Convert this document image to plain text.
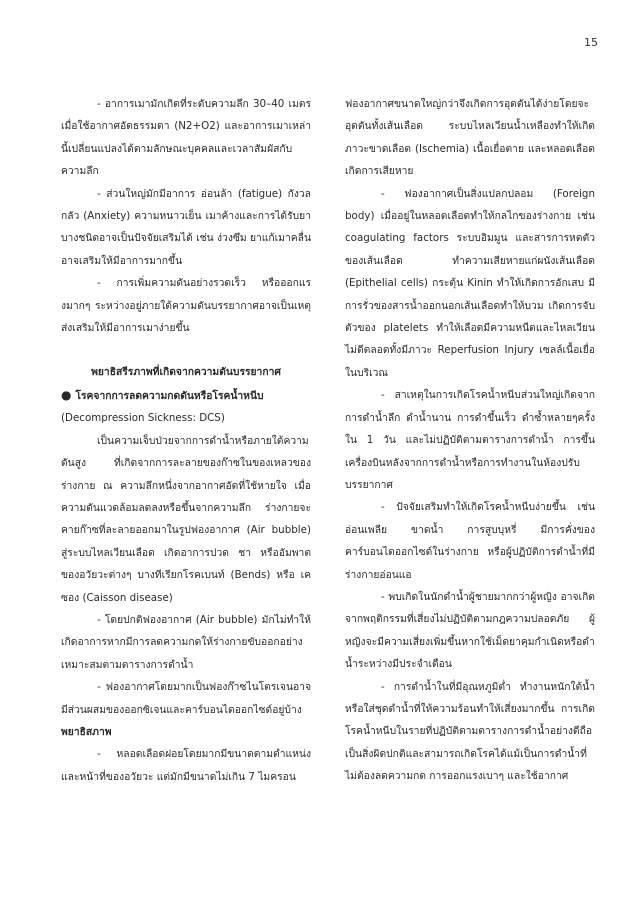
15

- อาการเมามักเกิดที่ระดับความลึก 30–40 เมตร เมื่อใช้อากาศอัดธรรมดา (N2+O2) และอาการเมาเหล่านี้เปลี่ยนแปลงได้ตามลักษณะบุคคลและเวลาสัมผัสกับความลึก

- ส่วนใหญ่มักมีอาการ อ่อนล้า (fatigue) กังวลกลัว (Anxiety) ความหนาวเย็น เมาค้างและการได้รับยาบางชนิดอาจเป็นปัจจัยเสริมได้ เช่น ง่วงซึม ยาแก้เมาคลื่นอาจเสริมให้มีอาการมากขึ้น

- การเพิ่มความดันอย่างรวดเร็ว หรือออกแรงมากๆ ระหว่างอยู่ภายใต้ความดันบรรยากาศอาจเป็นเหตุส่งเสริมให้มีอาการเมาง่ายขึ้น

พยาธิสรีรภาพที่เกิดจากความดันบรรยากาศ

● โรคจากการลดความกดดันหรือโรคน้ำหนีบ

(Decompression Sickness: DCS)

เป็นความเจ็บป่วยจากการดำน้ำหรือภายใต้ความดันสูง ที่เกิดจากการละลายของก๊าซในของเหลวของร่างกาย ณ ความลึกหนึ่งจากอากาศอัดที่ใช้หายใจ เมื่อความดันแวดล้อมลดลงหรือขึ้นจากความลึก ร่างกายจะคายก๊าซที่ละลายออกมาในรูปฟองอากาศ (Air bubble) สู่ระบบไหลเวียนเลือด เกิดอาการปวด ชา หรืออัมพาตของอวัยวะต่างๆ บางทีเรียกโรคเบนท์ (Bends) หรือ เคซอง (Caisson disease)

- โดยปกติฟองอากาศ (Air bubble) มักไม่ทำให้เกิดอาการหากมีการลดความกดให้ร่างกายขับออกอย่างเหมาะสมตามตารางการดำน้ำ

- ฟองอากาศโดยมากเป็นฟองก๊าซไนโตรเจนอาจมีส่วนผสมของออกซิเจนและคาร์บอนไดออกไซด์อยู่บ้าง

พยาธิสภาพ

- หลอดเลือดฝอยโดยมากมีขนาดตามตำแหน่งและหน้าที่ของอวัยวะ แต่มักมีขนาดไม่เกิน 7 ไมครอน

ฟองอากาศขนาดใหญ่กว่าจึงเกิดการอุดตันได้ง่ายโดยจะอุดตันทั้งเส้นเลือด ระบบไหลเวียนน้ำเหลืองทำให้เกิดภาวะขาดเลือด (Ischemia) เนื้อเยื่อตาย และหลอดเลือดเกิดการเสียหาย

- ฟองอากาศเป็นสิ่งแปลกปลอม (Foreign body) เมื่ออยู่ในหลอดเลือดทำให้กลไกของร่างกาย เช่น coagulating factors ระบบอิมมูน และสารการหดตัวของเส้นเลือด ทำความเสียหายแก่ผนังเส้นเลือด (Epithelial cells) กระตุ้น Kinin ทำให้เกิดการอักเสบ มีการรั่วของสารน้ำออกนอกเส้นเลือดทำให้บวม เกิดการจับตัวของ platelets ทำให้เลือดมีความหนืดและไหลเวียนไม่ดีตลอดทั้งมีภาวะ Reperfusion Injury เซลล์เนื้อเยื่อในบริเวณ

- สาเหตุในการเกิดโรคน้ำหนีบส่วนใหญ่เกิดจากการดำน้ำลึก ดำน้ำนาน การดำขึ้นเร็ว ดำซ้ำหลายๆครั้งใน 1 วัน และไม่ปฏิบัติตามตารางการดำน้ำ การขึ้นเครื่องบินหลังจากการดำน้ำหรือการทำงานในห้องปรับบรรยากาศ

- ปัจจัยเสริมทำให้เกิดโรคน้ำหนีบง่ายขึ้น เช่น อ่อนเพลีย ขาดน้ำ การสูบบุหรี่ มีการคั่งของคาร์บอนไดออกไซด์ในร่างกาย หรือผู้ปฏิบัติการดำน้ำที่มีร่างกายอ่อนแอ

- พบเกิดในนักดำน้ำผู้ชายมากกว่าผู้หญิง อาจเกิดจากพฤติกรรมที่เสี่ยงไม่ปฏิบัติตามกฎความปลอดภัย ผู้หญิงจะมีความเสี่ยงเพิ่มขึ้นหากใช้เม็ดยาคุมกำเนิดหรือดำน้ำระหว่างมีประจำเดือน

- การดำน้ำในที่มีอุณหภูมิต่ำ ทำงานหนักใต้น้ำหรือใส่ชุดดำน้ำที่ให้ความร้อนทำให้เสี่ยงมากขึ้น การเกิดโรคน้ำหนีบในรายที่ปฏิบัติตามตารางการดำน้ำอย่างดีถือเป็นสิ่งผิดปกติและสามารถเกิดโรคได้แม้เป็นการดำน้ำที่ไม่ต้องลดความกด การออกแรงเบาๆ และใช้อากาศ
